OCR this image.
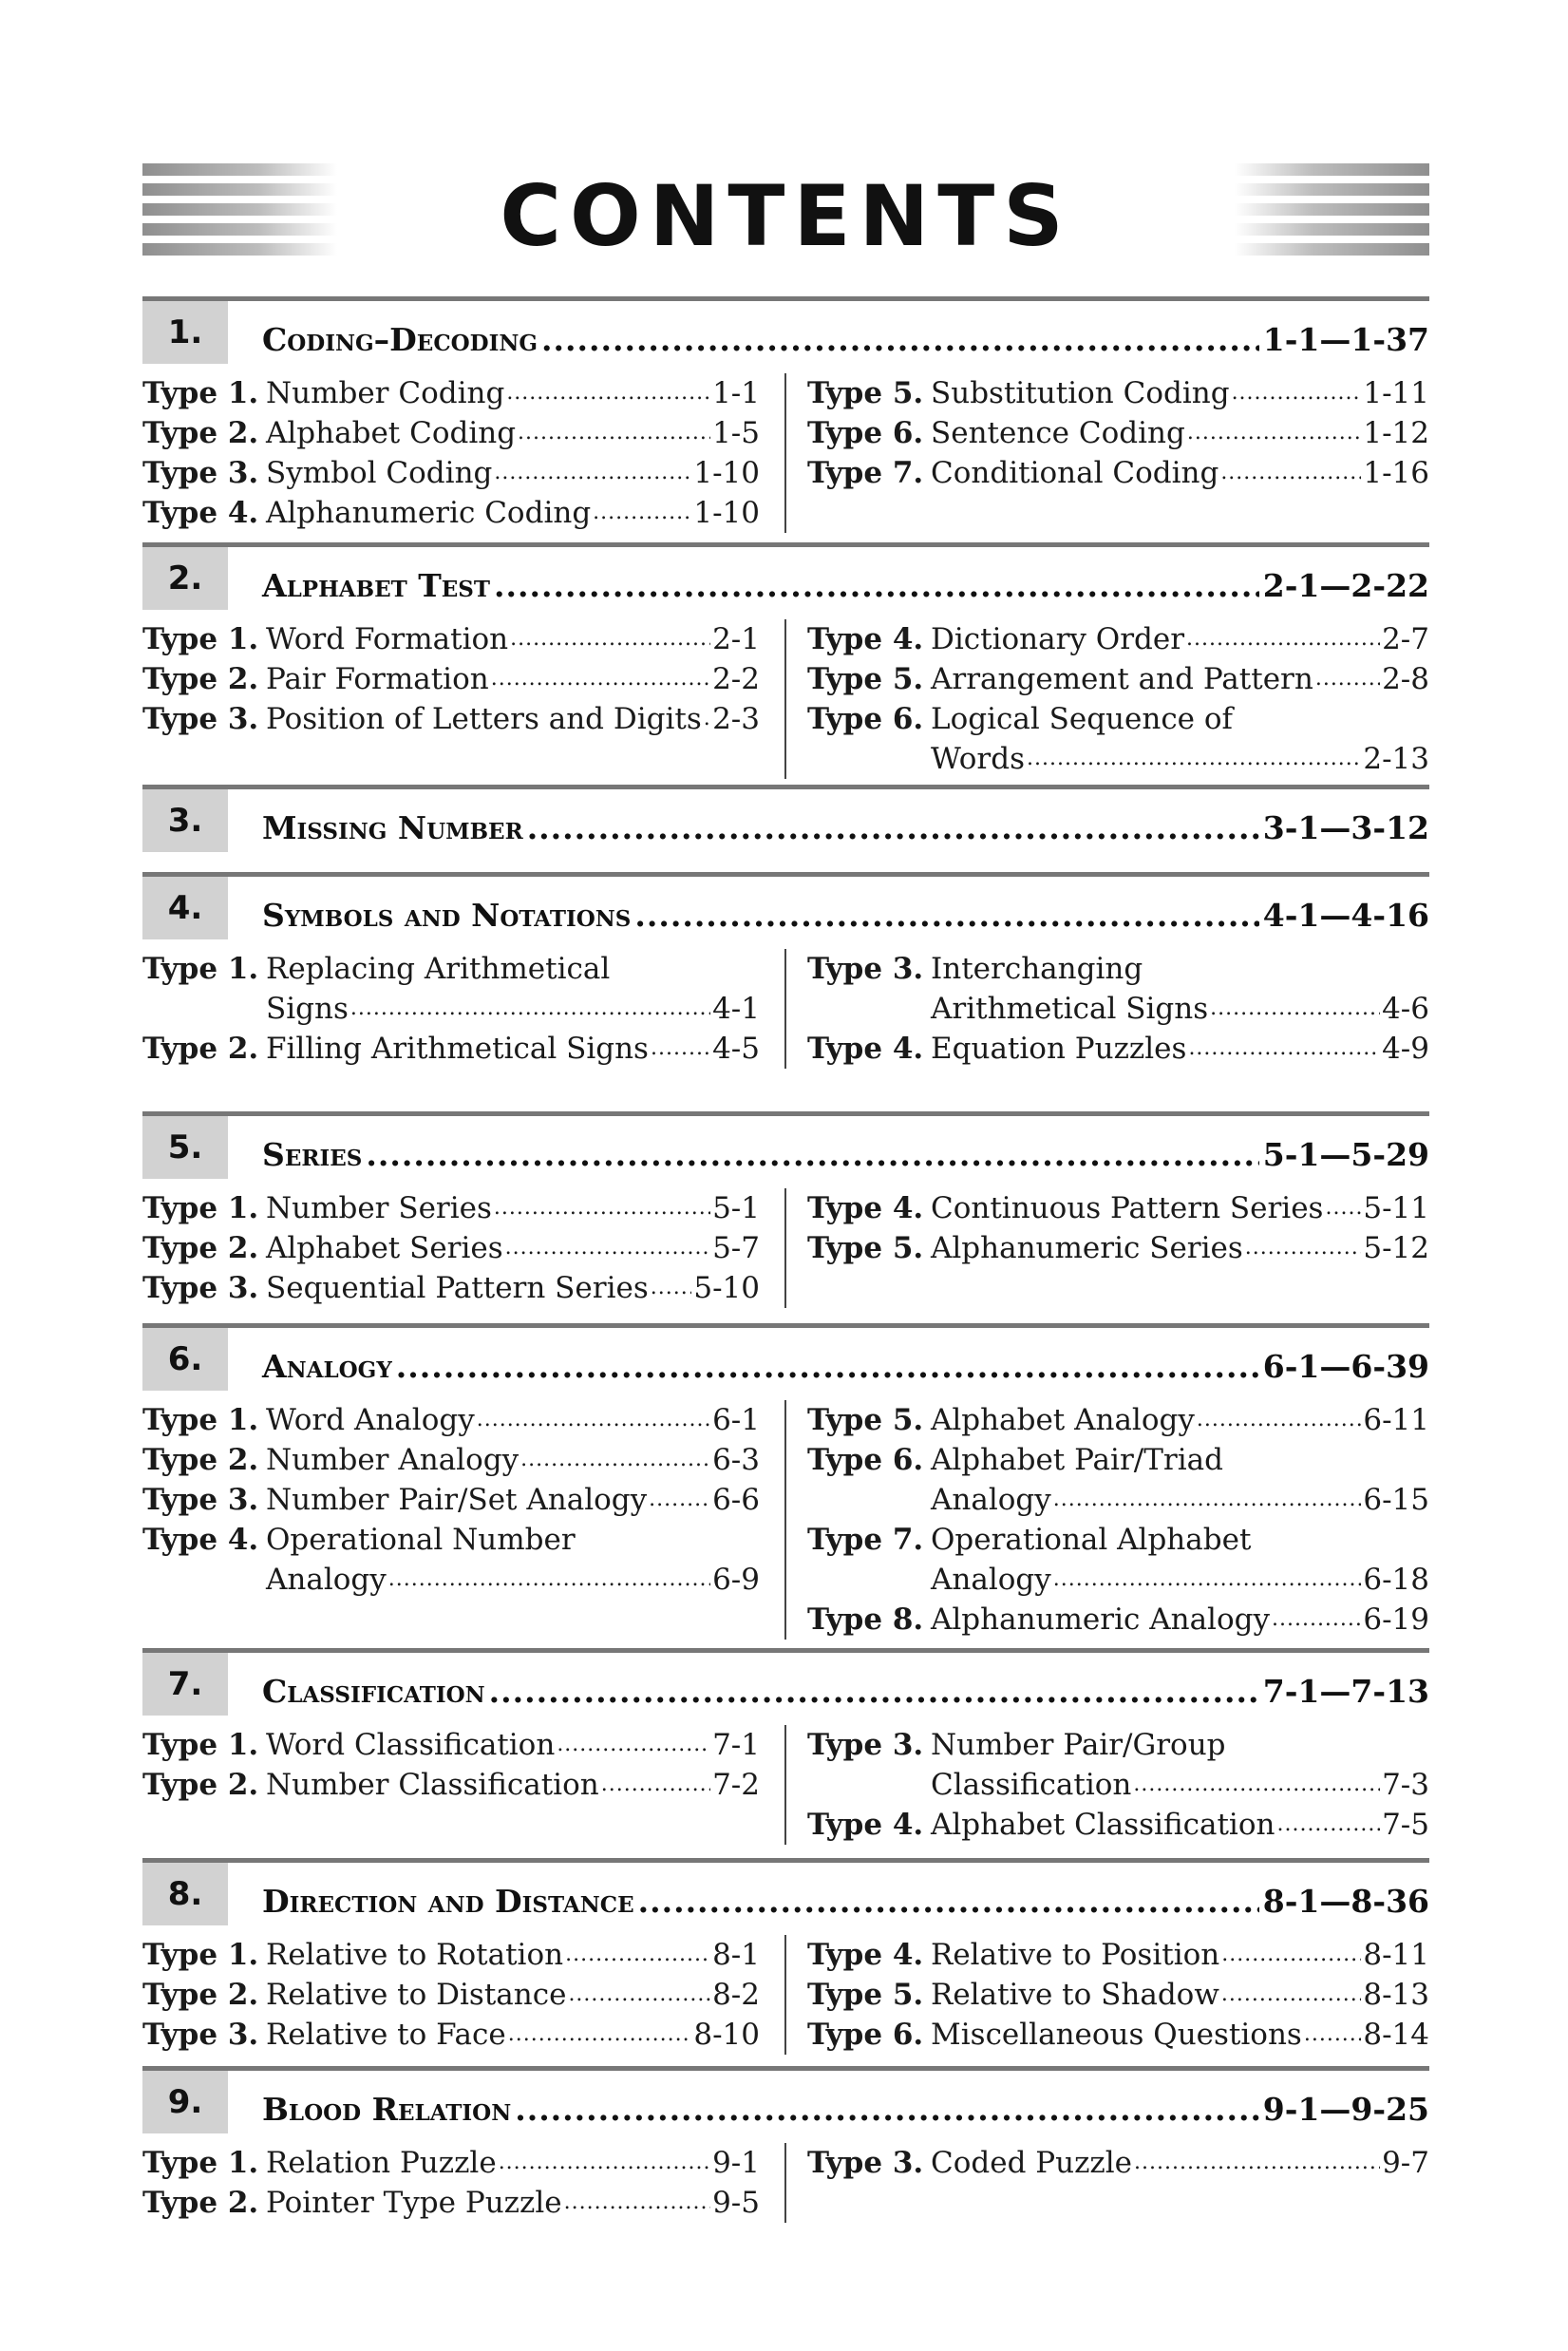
CONTENTS
1.	Coding–Decoding .....	1-1—1-37
Type 1. Number Coding .....	1-1
Type 2. Alphabet Coding .....	1-5
Type 3. Symbol Coding .....	1-10
Type 4. Alphanumeric Coding .....	1-10
Type 5. Substitution Coding .....	1-11
Type 6. Sentence Coding .....	1-12
Type 7. Conditional Coding .....	1-16
2.	Alphabet Test .....	2-1—2-22
Type 1. Word Formation .....	2-1
Type 2. Pair Formation .....	2-2
Type 3. Position of Letters and Digits ..... 2-3
Type 4. Dictionary Order .....	2-7
Type 5. Arrangement and Pattern ..... 2-8
Type 6. Logical Sequence of
Words .....	2-13
3.	Missing Number .....	3-1—3-12
4.	Symbols and Notations .....	4-1—4-16
Type 1. Replacing Arithmetical
Signs .....	4-1
Type 2. Filling Arithmetical Signs ..... 4-5
Type 3. Interchanging
Arithmetical Signs .....	4-6
Type 4. Equation Puzzles .....	4-9
5.	Series .....	5-1—5-29
Type 1. Number Series .....	5-1
Type 2. Alphabet Series .....	5-7
Type 3. Sequential Pattern Series ..... 5-10
Type 4. Continuous Pattern Series ..... 5-11
Type 5. Alphanumeric Series .....	5-12
6.	Analogy .....	6-1—6-39
Type 1. Word Analogy .....	6-1
Type 2. Number Analogy .....	6-3
Type 3. Number Pair/Set Analogy ..... 6-6
Type 4. Operational Number
Analogy .....	6-9
Type 5. Alphabet Analogy .....	6-11
Type 6. Alphabet Pair/Triad
Analogy .....	6-15
Type 7. Operational Alphabet
Analogy .....	6-18
Type 8. Alphanumeric Analogy .....	6-19
7.	Classification .....	7-1—7-13
Type 1. Word Classification .....	7-1
Type 2. Number Classification .....	7-2
Type 3. Number Pair/Group
Classification .....	7-3
Type 4. Alphabet Classification .....	7-5
8.	Direction and Distance .....	8-1—8-36
Type 1. Relative to Rotation .....	8-1
Type 2. Relative to Distance .....	8-2
Type 3. Relative to Face .....	8-10
Type 4. Relative to Position .....	8-11
Type 5. Relative to Shadow .....	8-13
Type 6. Miscellaneous Questions ..... 8-14
9.	Blood Relation .....	9-1—9-25
Type 1. Relation Puzzle .....	9-1
Type 2. Pointer Type Puzzle .....	9-5
Type 3. Coded Puzzle .....	9-7
